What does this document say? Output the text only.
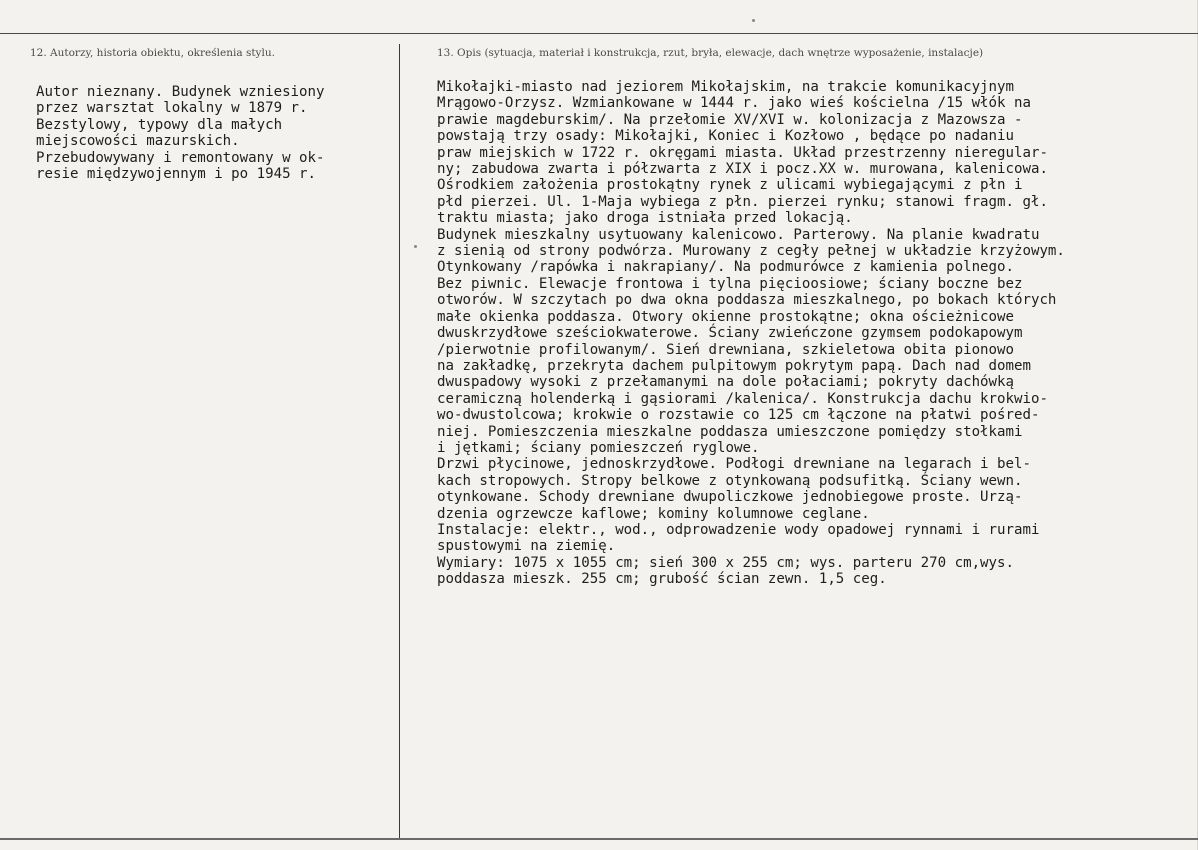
12. Autorzy, historia obiektu, określenia stylu.	13. Opis (sytuacja, materiał i konstrukcja, rzut, bryła, elewacje, dach wnętrze wyposażenie, instalacje)
Autor nieznany. Budynek wzniesiony
przez warsztat lokalny w 1879 r.
Bezstylowy, typowy dla małych
miejscowości mazurskich.
Przebudowywany i remontowany w ok-
resie międzywojennym i po 1945 r.
Mikołajki-miasto nad jeziorem Mikołajskim, na trakcie komunikacyjnym
Mrągowo-Orzysz. Wzmiankowane w 1444 r. jako wieś kościelna /15 włók na
prawie magdeburskim/. Na przełomie XV/XVI w. kolonizacja z Mazowsza -
powstają trzy osady: Mikołajki, Koniec i Kozłowo , będące po nadaniu
praw miejskich w 1722 r. okręgami miasta. Układ przestrzenny nieregular-
ny; zabudowa zwarta i półzwarta z XIX i pocz.XX w. murowana, kalenicowa.
Ośrodkiem założenia prostokątny rynek z ulicami wybiegającymi z płn i
płd pierzei. Ul. 1-Maja wybiega z płn. pierzei rynku; stanowi fragm. gł.
traktu miasta; jako droga istniała przed lokacją.
Budynek mieszkalny usytuowany kalenicowo. Parterowy. Na planie kwadratu
z sienią od strony podwórza. Murowany z cegły pełnej w układzie krzyżowym.
Otynkowany /rapówka i nakrapiany/. Na podmurówce z kamienia polnego.
Bez piwnic. Elewacje frontowa i tylna pięcioosiowe; ściany boczne bez
otworów. W szczytach po dwa okna poddasza mieszkalnego, po bokach których
małe okienka poddasza. Otwory okienne prostokątne; okna ościeżnicowe
dwuskrzydłowe sześciokwaterowe. Ściany zwieńczone gzymsem podokapowym
/pierwotnie profilowanym/. Sień drewniana, szkieletowa obita pionowo
na zakładkę, przekryta dachem pulpitowym pokrytym papą. Dach nad domem
dwuspadowy wysoki z przełamanymi na dole połaciami; pokryty dachówką
ceramiczną holenderką i gąsiorami /kalenica/. Konstrukcja dachu krokwio-
wo-dwustolcowa; krokwie o rozstawie co 125 cm łączone na płatwi pośred-
niej. Pomieszczenia mieszkalne poddasza umieszczone pomiędzy stołkami
i jętkami; ściany pomieszczeń ryglowe.
Drzwi płycinowe, jednoskrzydłowe. Podłogi drewniane na legarach i bel-
kach stropowych. Stropy belkowe z otynkowaną podsufitką. Ściany wewn.
otynkowane. Schody drewniane dwupoliczkowe jednobiegowe proste. Urzą-
dzenia ogrzewcze kaflowe; kominy kolumnowe ceglane.
Instalacje: elektr., wod., odprowadzenie wody opadowej rynnami i rurami
spustowymi na ziemię.
Wymiary: 1075 x 1055 cm; sień 300 x 255 cm; wys. parteru 270 cm,wys.
poddasza mieszk. 255 cm; grubość ścian zewn. 1,5 ceg.
